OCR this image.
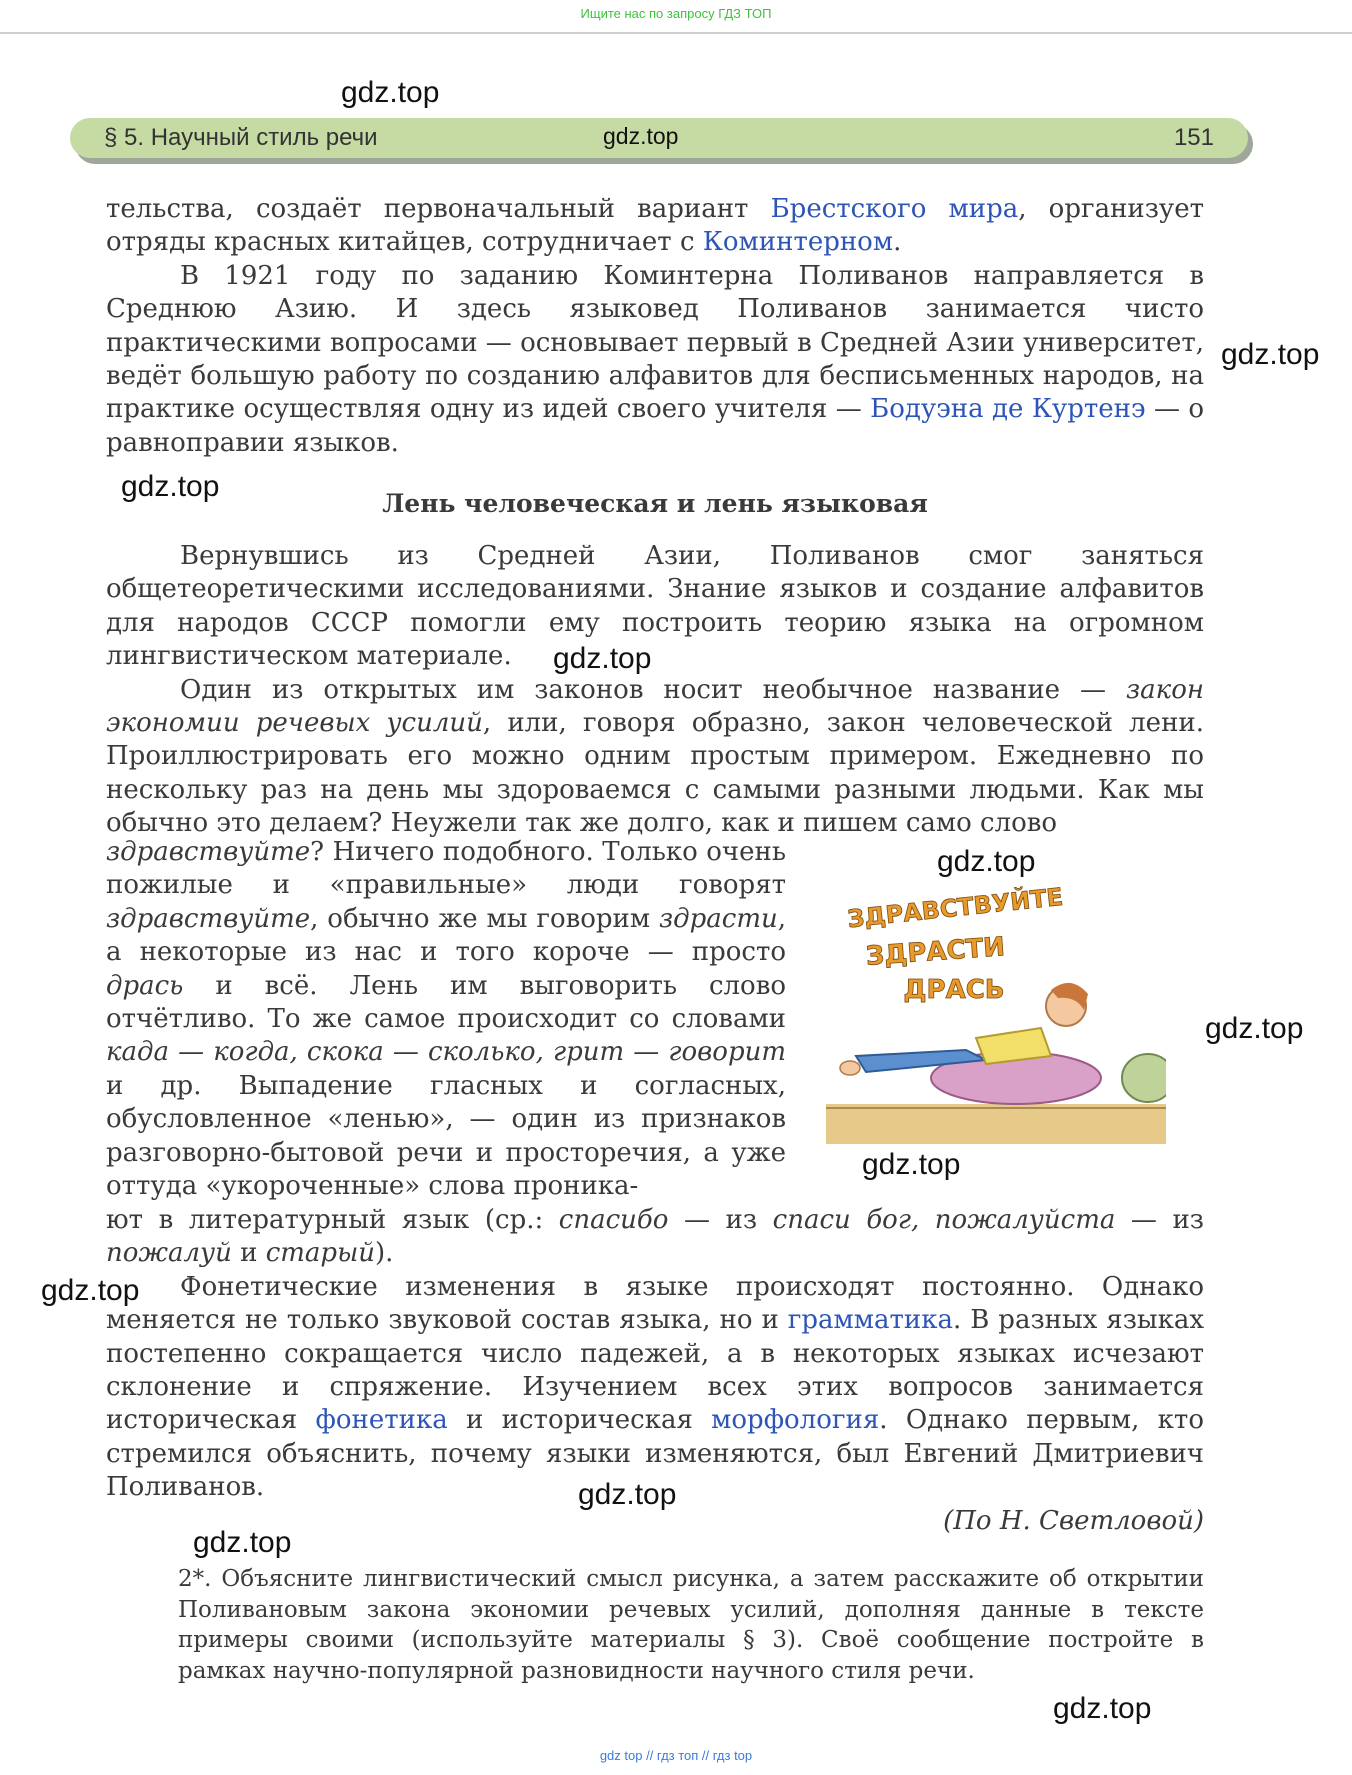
Ищите нас по запросу ГДЗ ТОП
gdz.top
§ 5. Научный стиль речи	gdz.top	151

тельства, создаёт первоначальный вариант Брестского мира, организует отряды красных китайцев, сотрудничает с Коминтерном.

В 1921 году по заданию Коминтерна Поливанов направляется в Среднюю Азию. И здесь языковед Поливанов занимается чисто практическими вопросами — основывает первый в Средней Азии университет, ведёт большую работу по созданию алфавитов для бесписьменных народов, на практике осуществляя одну из идей своего учителя — Бодуэна де Куртенэ — о равноправии языков.

gdz.top
gdz.top
Лень человеческая и лень языковая

Вернувшись из Средней Азии, Поливанов смог заняться общетеоретическими исследованиями. Знание языков и создание алфавитов для народов СССР помогли ему построить теорию языка на огромном лингвистическом материале.

Один из открытых им законов носит необычное название — закон экономии речевых усилий, или, говоря образно, закон человеческой лени. Проиллюстрировать его можно одним простым примером. Ежедневно по нескольку раз на день мы здороваемся с самыми разными людьми. Как мы обычно это делаем? Неужели так же долго, как и пишем само слово

gdz.top
здравствуйте? Ничего подобного. Только очень пожилые и «правильные» люди говорят здравствуйте, обычно же мы говорим здрасти, а некоторые из нас и того короче — просто дрась и всё. Лень им выговорить слово отчётливо. То же самое происходит со словами када — когда, скока — сколько, грит — говорит и др. Выпадение гласных и согласных, обусловленное «ленью», — один из признаков разговорно-бытовой речи и просторечия, а уже оттуда «укороченные» слова проника-
gdz.top
ЗДРАВСТВУЙТЕ
ЗДРАСТИ
ДРАСЬ
gdz.top
gdz.top

ют в литературный язык (ср.: спасибо — из спаси бог, пожалуйста — из пожалуй и старый).

Фонетические изменения в языке происходят постоянно. Однако меняется не только звуковой состав языка, но и грамматика. В разных языках постепенно сокращается число падежей, а в некоторых языках исчезают склонение и спряжение. Изучением всех этих вопросов занимается историческая фонетика и историческая морфология. Однако первым, кто стремился объяснить, почему языки изменяются, был Евгений Дмитриевич Поливанов.

gdz.top
gdz.top
(По Н. Светловой)
gdz.top
2*. Объясните лингвистический смысл рисунка, а затем расскажите об открытии Поливановым закона экономии речевых усилий, дополняя данные в тексте примеры своими (используйте материалы § 3). Своё сообщение постройте в рамках научно-популярной разновидности научного стиля речи.
gdz.top
gdz top // гдз топ // гдз top
